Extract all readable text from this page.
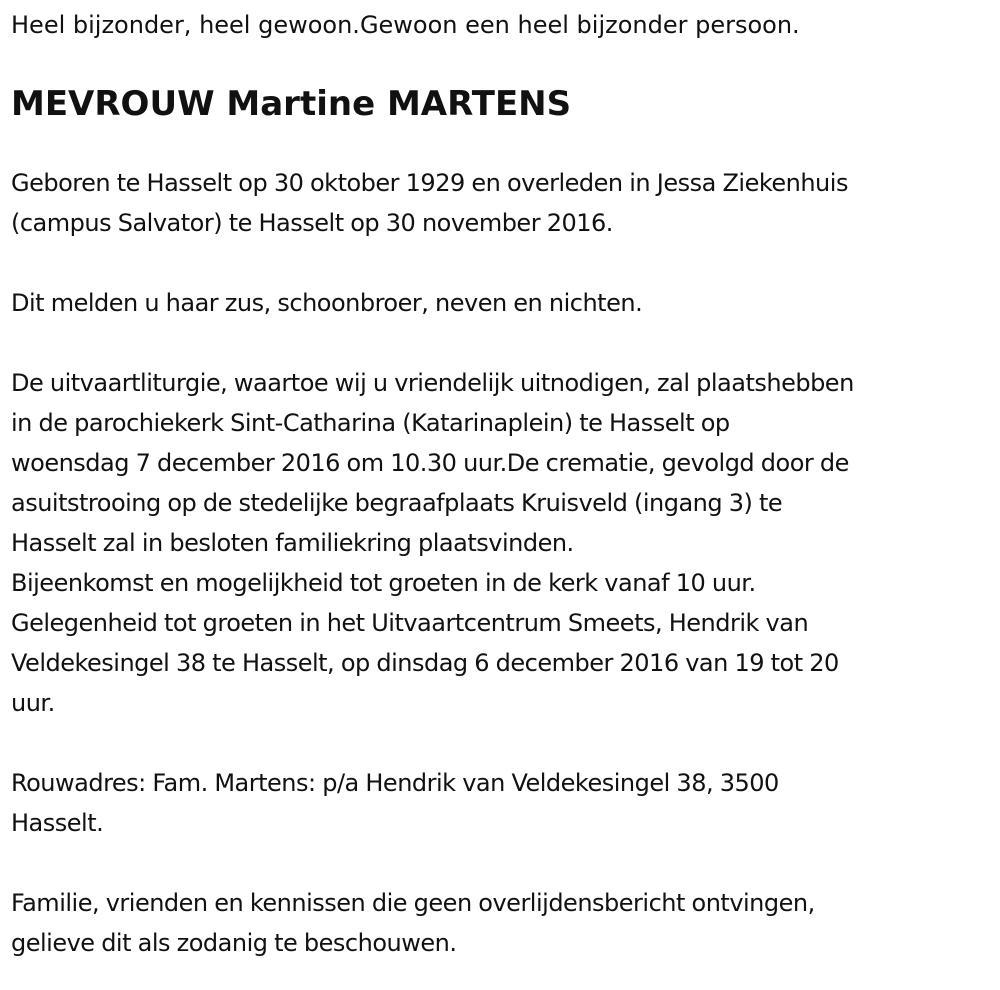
Heel bijzonder, heel gewoon.Gewoon een heel bijzonder persoon.

MEVROUW Martine MARTENS

Geboren te Hasselt op 30 oktober 1929 en overleden in Jessa Ziekenhuis
(campus Salvator) te Hasselt op 30 november 2016.

Dit melden u haar zus, schoonbroer, neven en nichten.

De uitvaartliturgie, waartoe wij u vriendelijk uitnodigen, zal plaatshebben
in de parochiekerk Sint-Catharina (Katarinaplein) te Hasselt op
woensdag 7 december 2016 om 10.30 uur.De crematie, gevolgd door de
asuitstrooing op de stedelijke begraafplaats Kruisveld (ingang 3) te
Hasselt zal in besloten familiekring plaatsvinden.
Bijeenkomst en mogelijkheid tot groeten in de kerk vanaf 10 uur.
Gelegenheid tot groeten in het Uitvaartcentrum Smeets, Hendrik van
Veldekesingel 38 te Hasselt, op dinsdag 6 december 2016 van 19 tot 20
uur.

Rouwadres: Fam. Martens: p/a Hendrik van Veldekesingel 38, 3500
Hasselt.

Familie, vrienden en kennissen die geen overlijdensbericht ontvingen,
gelieve dit als zodanig te beschouwen.
